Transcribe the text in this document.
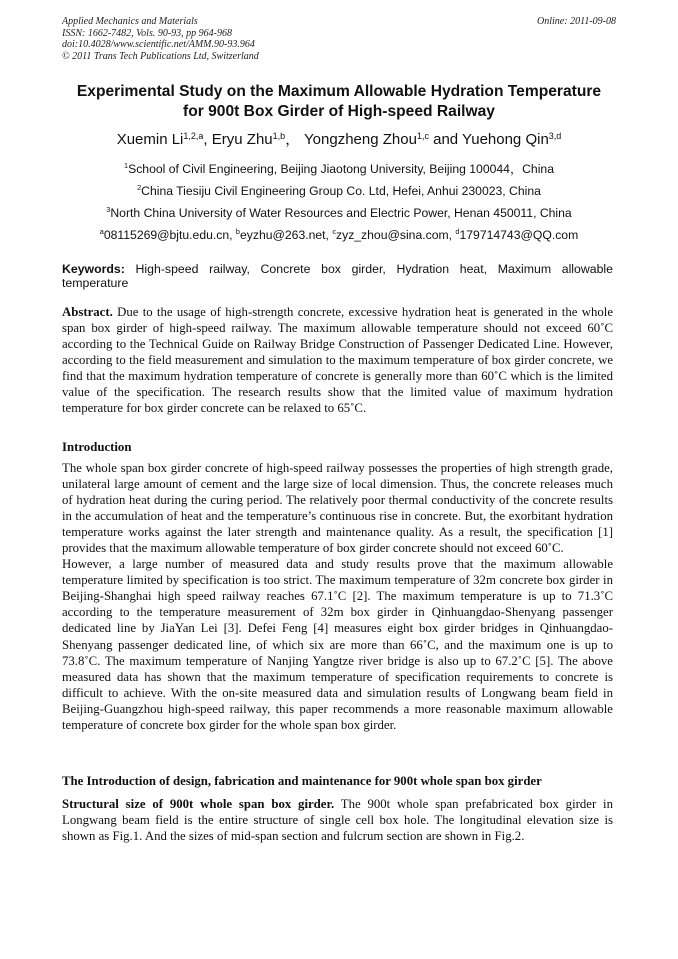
Applied Mechanics and Materials
ISSN: 1662-7482, Vols. 90-93, pp 964-968
doi:10.4028/www.scientific.net/AMM.90-93.964
© 2011 Trans Tech Publications Ltd, Switzerland
Online: 2011-09-08
Experimental Study on the Maximum Allowable Hydration Temperature
for 900t Box Girder of High-speed Railway
Xuemin Li$^{1,2,a}$, Eryu Zhu$^{1,b}$， Yongzheng Zhou$^{1,c}$ and Yuehong Qin$^{3,d}$
$^1$School of Civil Engineering, Beijing Jiaotong University, Beijing 100044，China
$^2$China Tiesiju Civil Engineering Group Co. Ltd, Hefei, Anhui 230023, China
$^3$North China University of Water Resources and Electric Power, Henan 450011, China
$^a$08115269@bjtu.edu.cn, $^b$eyzhu@263.net, $^c$zyz_zhou@sina.com, $^d$179714743@QQ.com
Keywords: High-speed railway, Concrete box girder, Hydration heat, Maximum allowable temperature

Abstract. Due to the usage of high-strength concrete, excessive hydration heat is generated in the whole span box girder of high-speed railway. The maximum allowable temperature should not exceed 60˚C according to the Technical Guide on Railway Bridge Construction of Passenger Dedicated Line. However, according to the field measurement and simulation to the maximum temperature of box girder concrete, we find that the maximum hydration temperature of concrete is generally more than 60˚C which is the limited value of the specification. The research results show that the limited value of maximum hydration temperature for box girder concrete can be relaxed to 65˚C.

Introduction

The whole span box girder concrete of high-speed railway possesses the properties of high strength grade, unilateral large amount of cement and the large size of local dimension. Thus, the concrete releases much of hydration heat during the curing period. The relatively poor thermal conductivity of the concrete results in the accumulation of heat and the temperature’s continuous rise in concrete. But, the exorbitant hydration temperature works against the later strength and maintenance quality. As a result, the specification [1] provides that the maximum allowable temperature of box girder concrete should not exceed 60˚C.

However, a large number of measured data and study results prove that the maximum allowable temperature limited by specification is too strict. The maximum temperature of 32m concrete box girder in Beijing-Shanghai high speed railway reaches 67.1˚C [2]. The maximum temperature is up to 71.3˚C according to the temperature measurement of 32m box girder in Qinhuangdao-Shenyang passenger dedicated line by JiaYan Lei [3]. Defei Feng [4] measures eight box girder bridges in Qinhuangdao-Shenyang passenger dedicated line, of which six are more than 66˚C, and the maximum one is up to 73.8˚C. The maximum temperature of Nanjing Yangtze river bridge is also up to 67.2˚C [5]. The above measured data has shown that the maximum temperature of specification requirements to concrete is difficult to achieve. With the on-site measured data and simulation results of Longwang beam field in Beijing-Guangzhou high-speed railway, this paper recommends a more reasonable maximum allowable temperature of concrete box girder for the whole span box girder.

The Introduction of design, fabrication and maintenance for 900t whole span box girder

Structural size of 900t whole span box girder. The 900t whole span prefabricated box girder in Longwang beam field is the entire structure of single cell box hole. The longitudinal elevation size is shown as Fig.1. And the sizes of mid-span section and fulcrum section are shown in Fig.2.
